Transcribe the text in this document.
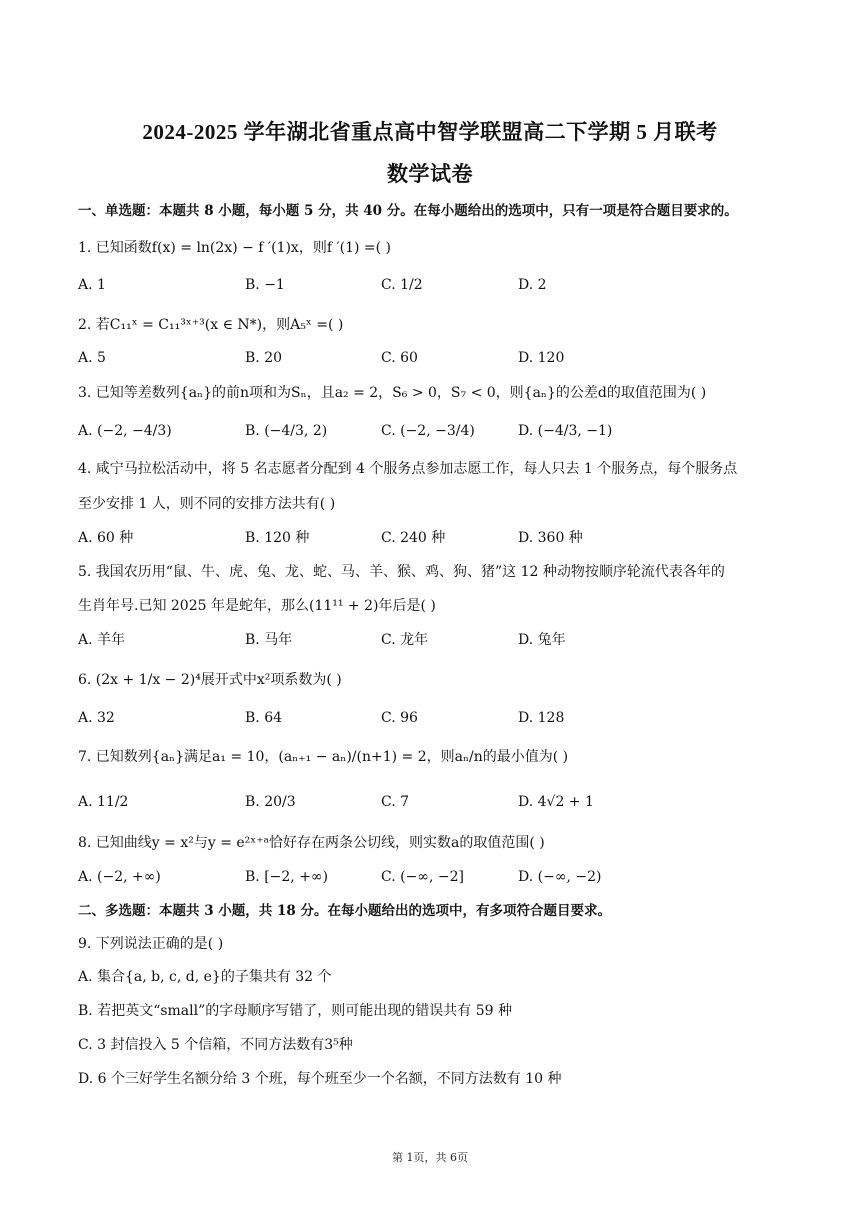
2024-2025 学年湖北省重点高中智学联盟高二下学期 5 月联考
数学试卷
一、单选题：本题共 8 小题，每小题 5 分，共 40 分。在每小题给出的选项中，只有一项是符合题目要求的。
1. 已知函数f(x) = ln(2x) − f ′(1)x，则f ′(1) =( )
A. 1	B. −1	C. 1/2	D. 2
2. 若C₁₁ˣ = C₁₁³ˣ⁺³(x ∈ N*)，则A₅ˣ =( )
A. 5	B. 20	C. 60	D. 120
3. 已知等差数列{aₙ}的前n项和为Sₙ，且a₂ = 2，S₆ > 0，S₇ < 0，则{aₙ}的公差d的取值范围为( )
A. (−2, −4/3)	B. (−4/3, 2)	C. (−2, −3/4)	D. (−4/3, −1)
4. 咸宁马拉松活动中，将 5 名志愿者分配到 4 个服务点参加志愿工作，每人只去 1 个服务点，每个服务点
至少安排 1 人，则不同的安排方法共有( )
A. 60 种	B. 120 种	C. 240 种	D. 360 种
5. 我国农历用“鼠、牛、虎、兔、龙、蛇、马、羊、猴、鸡、狗、猪”这 12 种动物按顺序轮流代表各年的
生肖年号.已知 2025 年是蛇年，那么(11¹¹ + 2)年后是( )
A. 羊年	B. 马年	C. 龙年	D. 兔年
6. (2x + 1/x − 2)⁴展开式中x²项系数为( )
A. 32	B. 64	C. 96	D. 128
7. 已知数列{aₙ}满足a₁ = 10，(aₙ₊₁ − aₙ)/(n+1) = 2，则aₙ/n的最小值为( )
A. 11/2	B. 20/3	C. 7	D. 4√2 + 1
8. 已知曲线y = x²与y = e²ˣ⁺ᵃ恰好存在两条公切线，则实数a的取值范围( )
A. (−2, +∞)	B. [−2, +∞)	C. (−∞, −2]	D. (−∞, −2)
二、多选题：本题共 3 小题，共 18 分。在每小题给出的选项中，有多项符合题目要求。
9. 下列说法正确的是( )
A. 集合{a, b, c, d, e}的子集共有 32 个
B. 若把英文“small”的字母顺序写错了，则可能出现的错误共有 59 种
C. 3 封信投入 5 个信箱，不同方法数有3⁵种
D. 6 个三好学生名额分给 3 个班，每个班至少一个名额，不同方法数有 10 种
第 1页，共 6页
